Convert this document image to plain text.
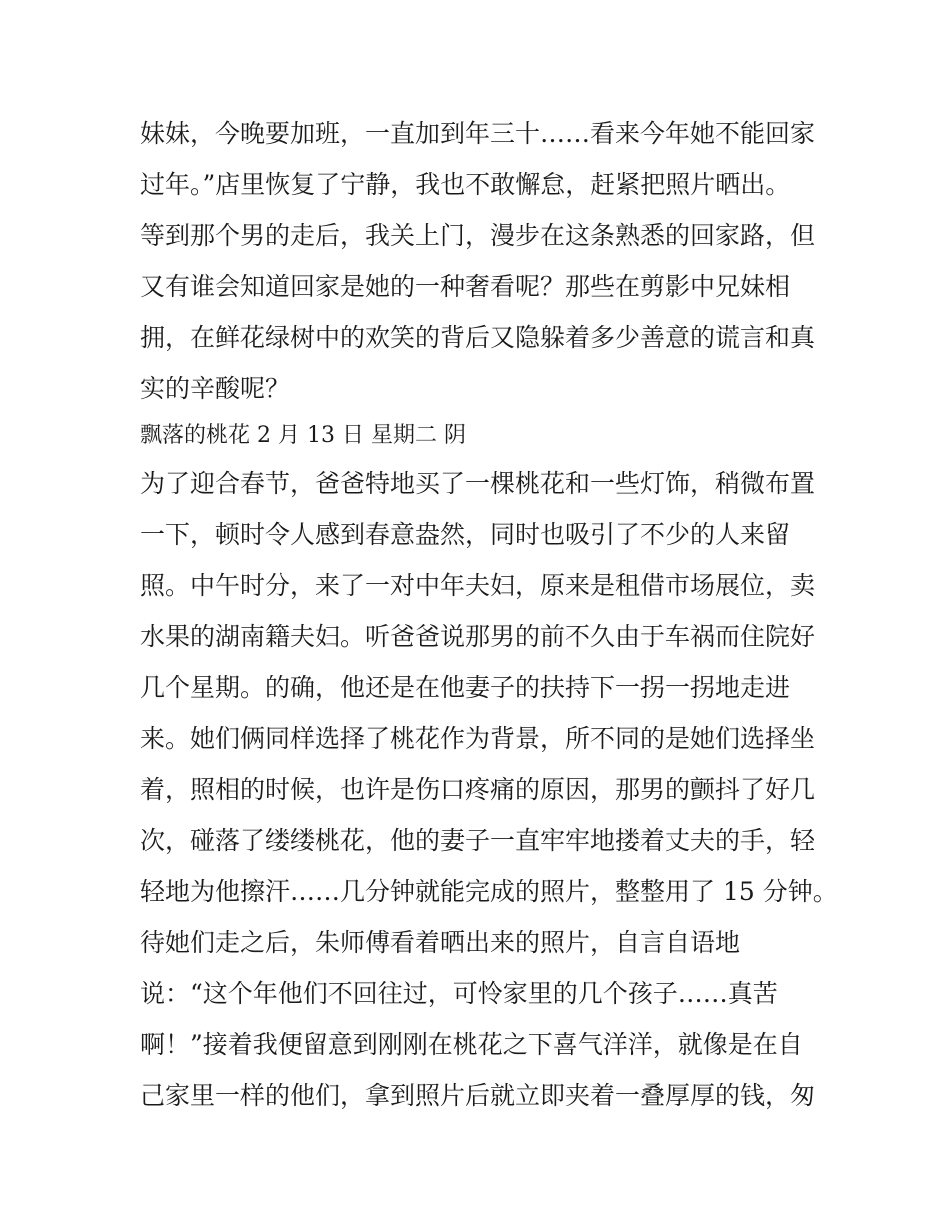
妹妹，今晚要加班，一直加到年三十……看来今年她不能回家
过年。”店里恢复了宁静，我也不敢懈怠，赶紧把照片晒出。
等到那个男的走后，我关上门，漫步在这条熟悉的回家路，但
又有谁会知道回家是她的一种奢看呢？那些在剪影中兄妹相
拥，在鲜花绿树中的欢笑的背后又隐躲着多少善意的谎言和真
实的辛酸呢？
飘落的桃花 2 月 13 日 星期二 阴
为了迎合春节，爸爸特地买了一棵桃花和一些灯饰，稍微布置
一下，顿时令人感到春意盎然，同时也吸引了不少的人来留
照。中午时分，来了一对中年夫妇，原来是租借市场展位，卖
水果的湖南籍夫妇。听爸爸说那男的前不久由于车祸而住院好
几个星期。的确，他还是在他妻子的扶持下一拐一拐地走进
来。她们俩同样选择了桃花作为背景，所不同的是她们选择坐
着，照相的时候，也许是伤口疼痛的原因，那男的颤抖了好几
次，碰落了缕缕桃花，他的妻子一直牢牢地搂着丈夫的手，轻
轻地为他擦汗……几分钟就能完成的照片，整整用了 15 分钟。
待她们走之后，朱师傅看着晒出来的照片，自言自语地
说：“这个年他们不回往过，可怜家里的几个孩子……真苦
啊！”接着我便留意到刚刚在桃花之下喜气洋洋，就像是在自
己家里一样的他们，拿到照片后就立即夹着一叠厚厚的钱，匆
